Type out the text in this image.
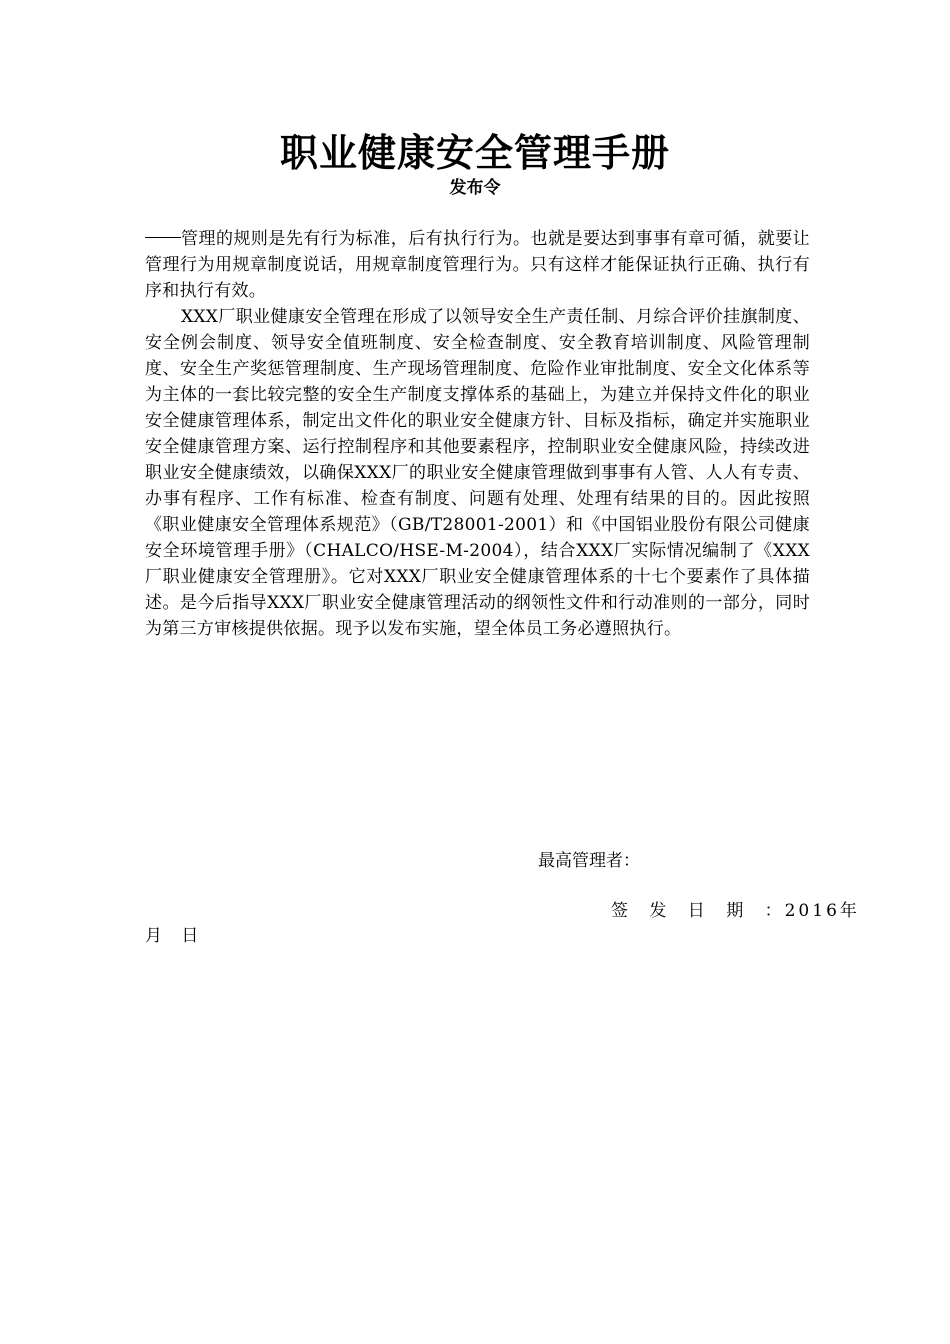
职业健康安全管理手册
发布令

管理的规则是先有行为标准，后有执行行为。也就是要达到事事有章可循，就要让管理行为用规章制度说话，用规章制度管理行为。只有这样才能保证执行正确、执行有序和执行有效。

XXX厂职业健康安全管理在形成了以领导安全生产责任制、月综合评价挂旗制度、安全例会制度、领导安全值班制度、安全检查制度、安全教育培训制度、风险管理制度、安全生产奖惩管理制度、生产现场管理制度、危险作业审批制度、安全文化体系等为主体的一套比较完整的安全生产制度支撑体系的基础上，为建立并保持文件化的职业安全健康管理体系，制定出文件化的职业安全健康方针、目标及指标，确定并实施职业安全健康管理方案、运行控制程序和其他要素程序，控制职业安全健康风险，持续改进职业安全健康绩效，以确保XXX厂的职业安全健康管理做到事事有人管、人人有专责、办事有程序、工作有标准、检查有制度、问题有处理、处理有结果的目的。因此按照《职业健康安全管理体系规范》（GB/T28001-2001）和《中国铝业股份有限公司健康安全环境管理手册》（CHALCO/HSE-M-2004），结合XXX厂实际情况编制了《XXX厂职业健康安全管理册》。它对XXX厂职业安全健康管理体系的十七个要素作了具体描述。是今后指导XXX厂职业安全健康管理活动的纲领性文件和行动准则的一部分，同时为第三方审核提供依据。现予以发布实施，望全体员工务必遵照执行。

最高管理者：
签 发 日 期 ：2016年
月 日
